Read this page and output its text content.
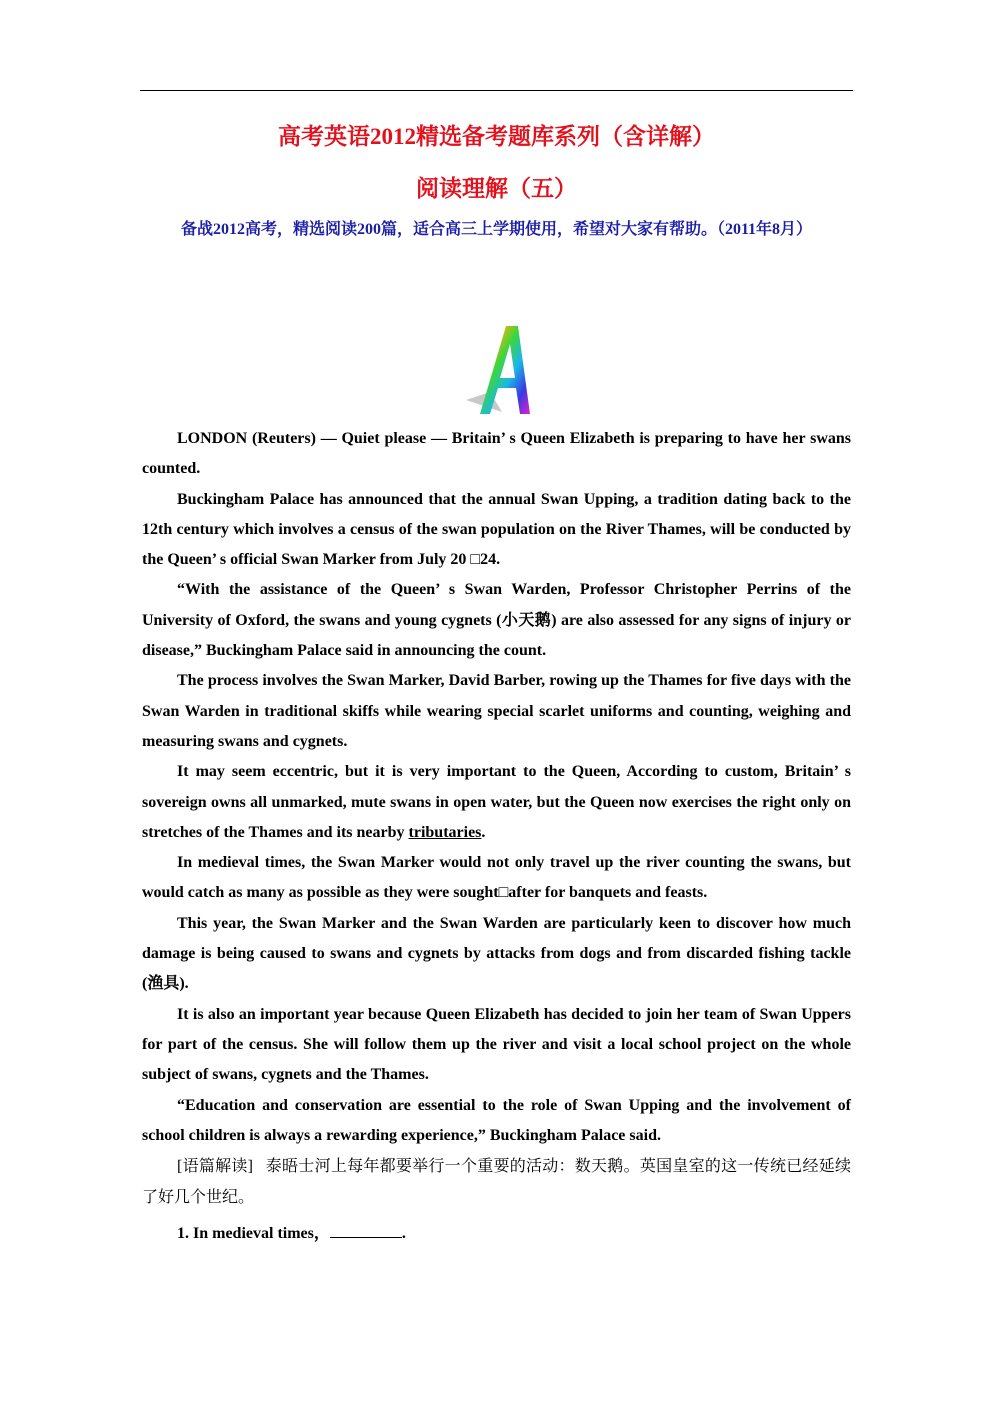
高考英语2012精选备考题库系列（含详解）
阅读理解（五）
备战2012高考，精选阅读200篇，适合高三上学期使用，希望对大家有帮助。（2011年8月）

LONDON (Reuters) — Quiet please — Britain’ s Queen Elizabeth is preparing to have her swans counted.

Buckingham Palace has announced that the annual Swan Upping, a tradition dating back to the 12th century which involves a census of the swan population on the River Thames, will be conducted by the Queen’ s official Swan Marker from July 20 □24.

“With the assistance of the Queen’ s Swan Warden, Professor Christopher Perrins of the University of Oxford, the swans and young cygnets (小天鹅) are also assessed for any signs of injury or disease,” Buckingham Palace said in announcing the count.

The process involves the Swan Marker, David Barber, rowing up the Thames for five days with the Swan Warden in traditional skiffs while wearing special scarlet uniforms and counting, weighing and measuring swans and cygnets.

It may seem eccentric, but it is very important to the Queen, According to custom, Britain’ s sovereign owns all unmarked, mute swans in open water, but the Queen now exercises the right only on stretches of the Thames and its nearby tributaries.

In medieval times, the Swan Marker would not only travel up the river counting the swans, but would catch as many as possible as they were sought□after for banquets and feasts.

This year, the Swan Marker and the Swan Warden are particularly keen to discover how much damage is being caused to swans and cygnets by attacks from dogs and from discarded fishing tackle (渔具).

It is also an important year because Queen Elizabeth has decided to join her team of Swan Uppers for part of the census. She will follow them up the river and visit a local school project on the whole subject of swans, cygnets and the Thames.

“Education and conservation are essential to the role of Swan Upping and the involvement of school children is always a rewarding experience,” Buckingham Palace said.

[语篇解读] 泰晤士河上每年都要举行一个重要的活动：数天鹅。英国皇室的这一传统已经延续了好几个世纪。

1. In medieval times，	.
